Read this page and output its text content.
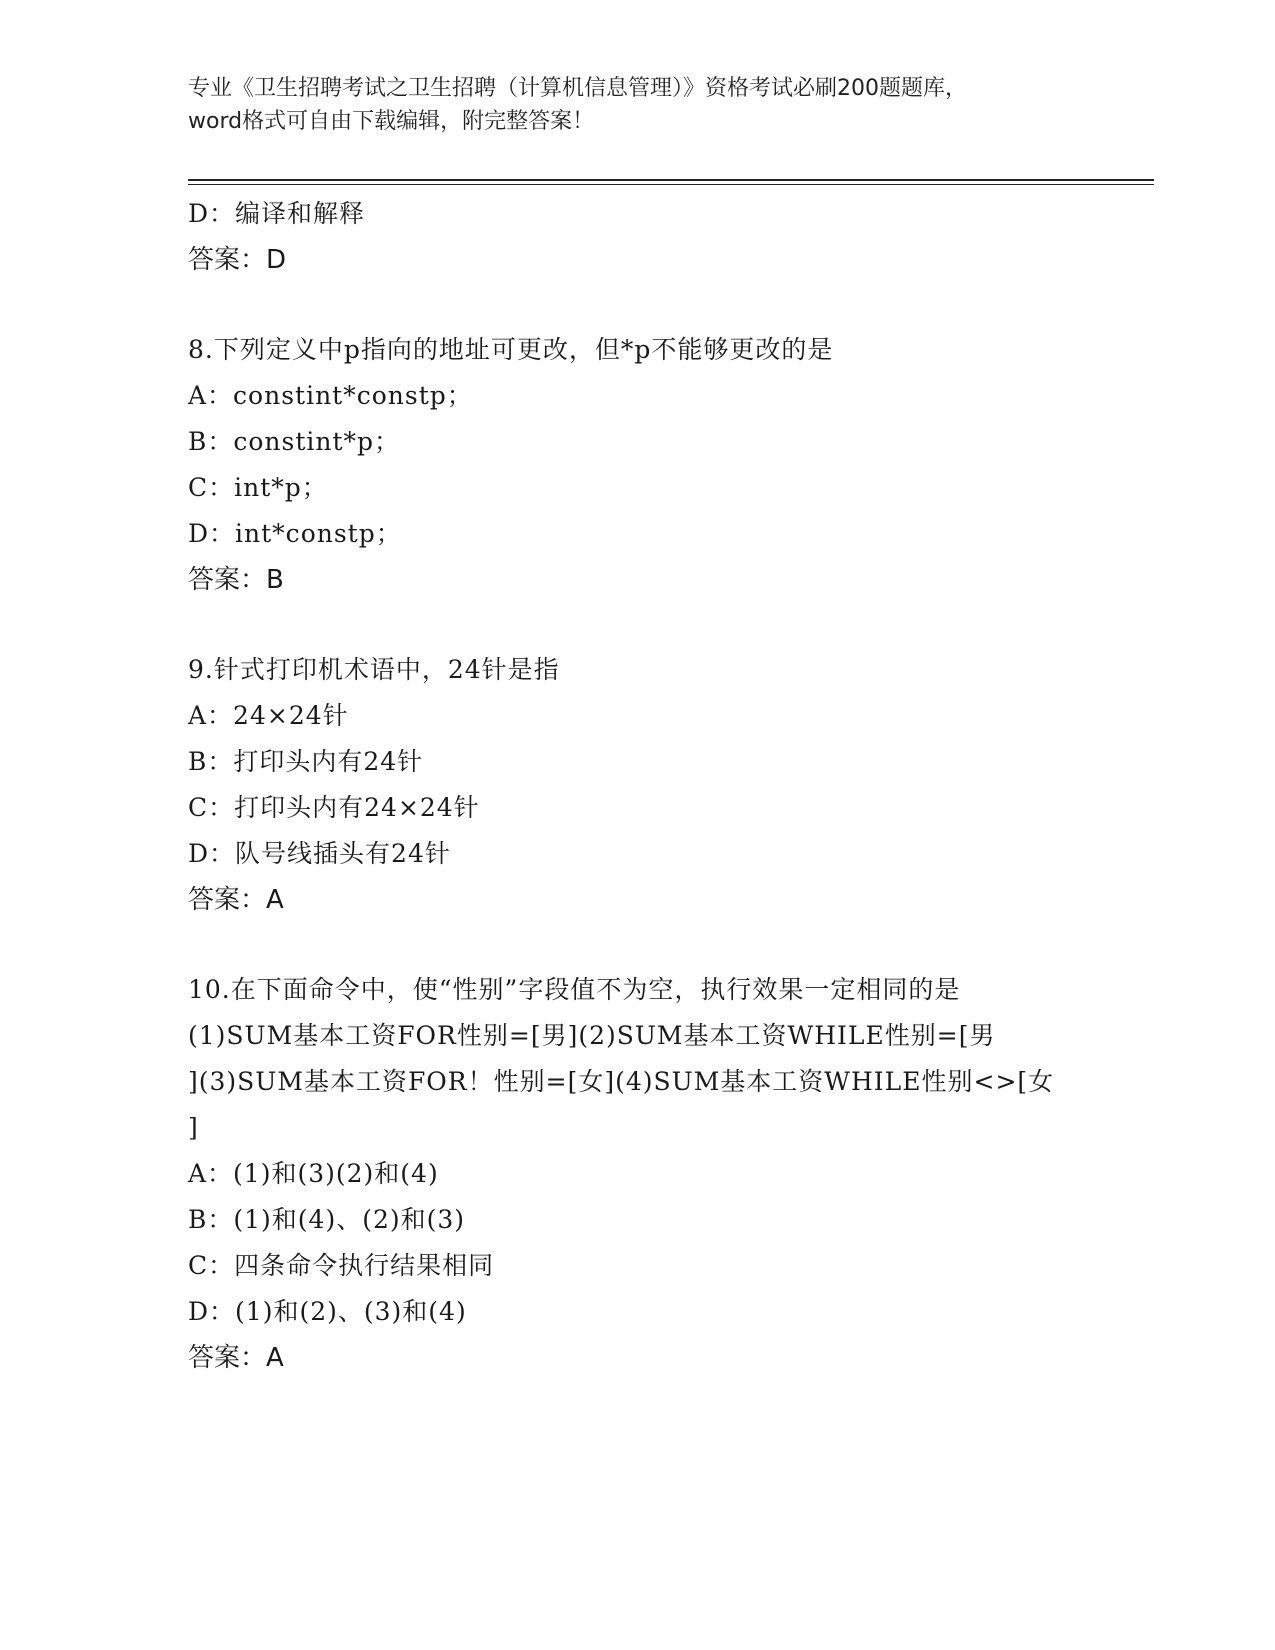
专业《卫生招聘考试之卫生招聘（计算机信息管理）》资格考试必刷200题题库，
word格式可自由下载编辑，附完整答案！
D：编译和解释
答案：D
8.下列定义中p指向的地址可更改，但*p不能够更改的是
A：constint*constp；
B：constint*p；
C：int*p；
D：int*constp；
答案：B
9.针式打印机术语中，24针是指
A：24×24针
B：打印头内有24针
C：打印头内有24×24针
D：队号线插头有24针
答案：A
10.在下面命令中，使“性别”字段值不为空，执行效果一定相同的是
(1)SUM基本工资FOR性别=[男](2)SUM基本工资WHILE性别=[男
](3)SUM基本工资FOR！性别=[女](4)SUM基本工资WHILE性别<>[女
]
A：(1)和(3)(2)和(4)
B：(1)和(4)、(2)和(3)
C：四条命令执行结果相同
D：(1)和(2)、(3)和(4)
答案：A
